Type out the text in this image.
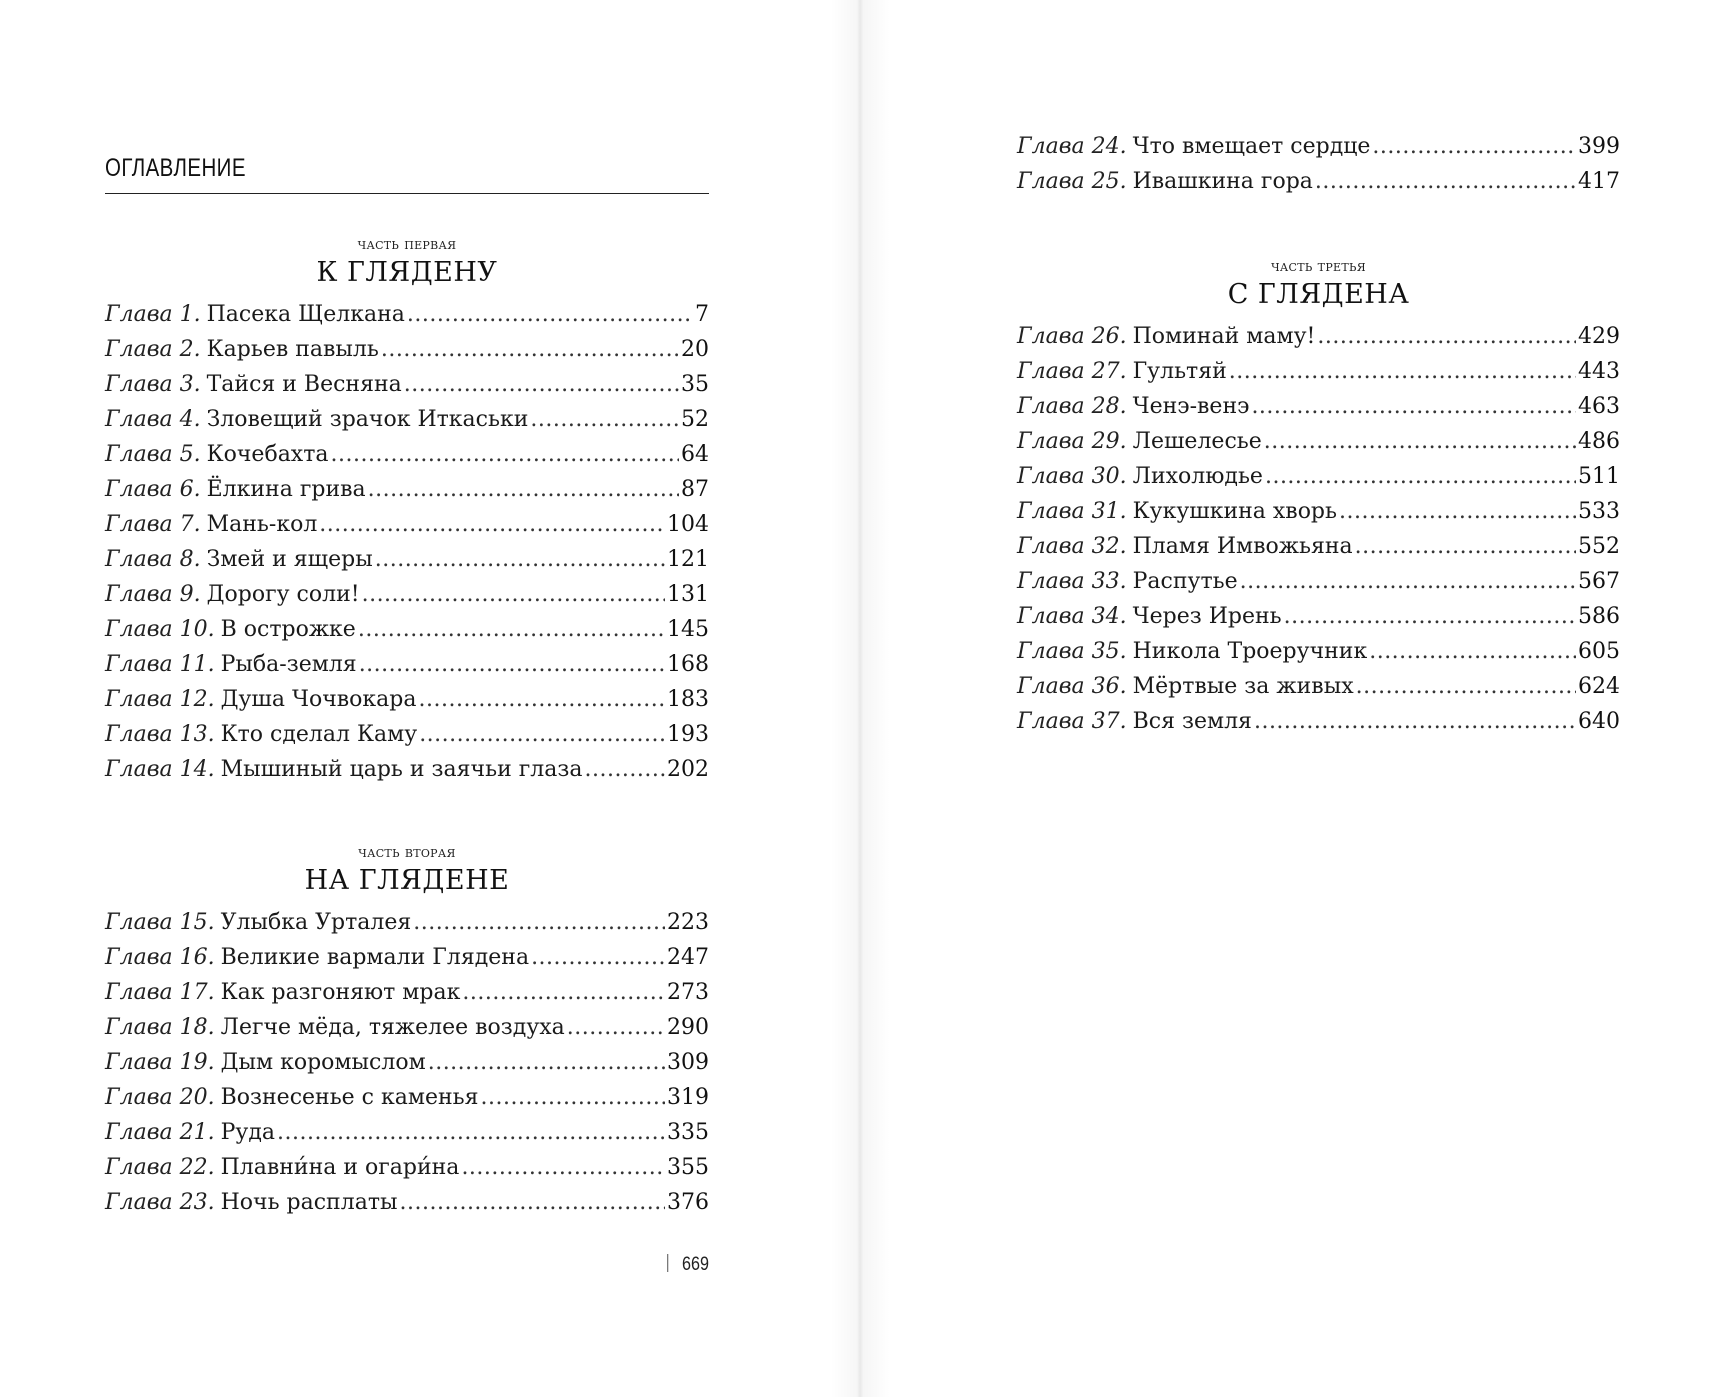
ОГЛАВЛЕНИЕ
часть первая
К ГЛЯДЕНУ
Глава 1. Пасека Щелкана .....	7
Глава 2. Карьев павыль .....	20
Глава 3. Тайся и Весняна .....	35
Глава 4. Зловещий зрачок Иткаськи .....	52
Глава 5. Кочебахта .....	64
Глава 6. Ёлкина грива .....	87
Глава 7. Мань-кол .....	104
Глава 8. Змей и ящеры .....	121
Глава 9. Дорогу соли! .....	131
Глава 10. В острожке .....	145
Глава 11. Рыба-земля .....	168
Глава 12. Душа Чочвокара .....	183
Глава 13. Кто сделал Каму .....	193
Глава 14. Мышиный царь и заячьи глаза .....	202
часть вторая
НА ГЛЯДЕНЕ
Глава 15. Улыбка Урталея .....	223
Глава 16. Великие вармали Глядена .....	247
Глава 17. Как разгоняют мрак .....	273
Глава 18. Легче мёда, тяжелее воздуха .....	290
Глава 19. Дым коромыслом .....	309
Глава 20. Вознесенье с каменья .....	319
Глава 21. Руда .....	335
Глава 22. Плавни́на и огари́на .....	355
Глава 23. Ночь расплаты .....	376
669
Глава 24. Что вмещает сердце .....	399
Глава 25. Ивашкина гора .....	417
часть третья
С ГЛЯДЕНА
Глава 26. Поминай маму! .....	429
Глава 27. Гультяй .....	443
Глава 28. Ченэ-венэ .....	463
Глава 29. Лешелесье .....	486
Глава 30. Лихолюдье .....	511
Глава 31. Кукушкина хворь .....	533
Глава 32. Пламя Имвожьяна .....	552
Глава 33. Распутье .....	567
Глава 34. Через Ирень .....	586
Глава 35. Никола Троеручник .....	605
Глава 36. Мёртвые за живых .....	624
Глава 37. Вся земля .....	640
